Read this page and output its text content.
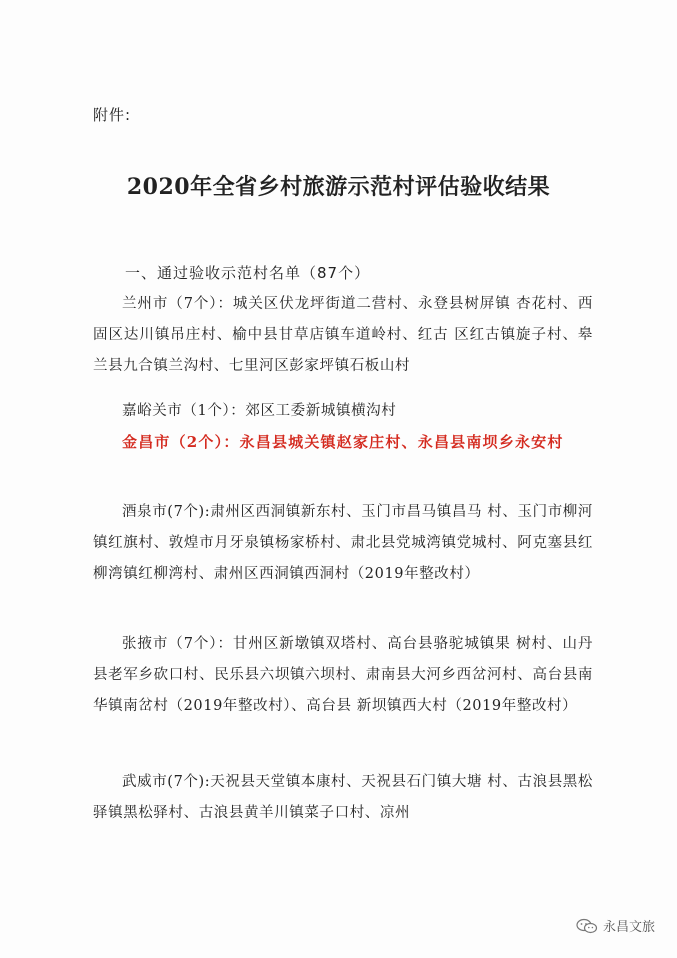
附件:
2020年全省乡村旅游示范村评估验收结果
一、通过验收示范村名单（87个）
兰州市（7个）：城关区伏龙坪街道二营村、永登县树屏镇 杏花村、西固区达川镇吊庄村、榆中县甘草店镇车道岭村、红古 区红古镇旋子村、皋兰县九合镇兰沟村、七里河区彭家坪镇石板山村
嘉峪关市（1个）：郊区工委新城镇横沟村
金昌市（2个）：永昌县城关镇赵家庄村、永昌县南坝乡永安村
酒泉市(7个):肃州区西洞镇新东村、玉门市昌马镇昌马 村、玉门市柳河镇红旗村、敦煌市月牙泉镇杨家桥村、肃北县党城湾镇党城村、阿克塞县红柳湾镇红柳湾村、肃州区西洞镇西洞村（2019年整改村）
张掖市（7个）：甘州区新墩镇双塔村、高台县骆驼城镇果 树村、山丹县老军乡砍口村、民乐县六坝镇六坝村、肃南县大河乡西岔河村、高台县南华镇南岔村（2019年整改村）、高台县 新坝镇西大村（2019年整改村）
武威市(7个):天祝县天堂镇本康村、天祝县石门镇大塘 村、古浪县黑松驿镇黑松驿村、古浪县黄羊川镇菜子口村、凉州
永昌文旅
